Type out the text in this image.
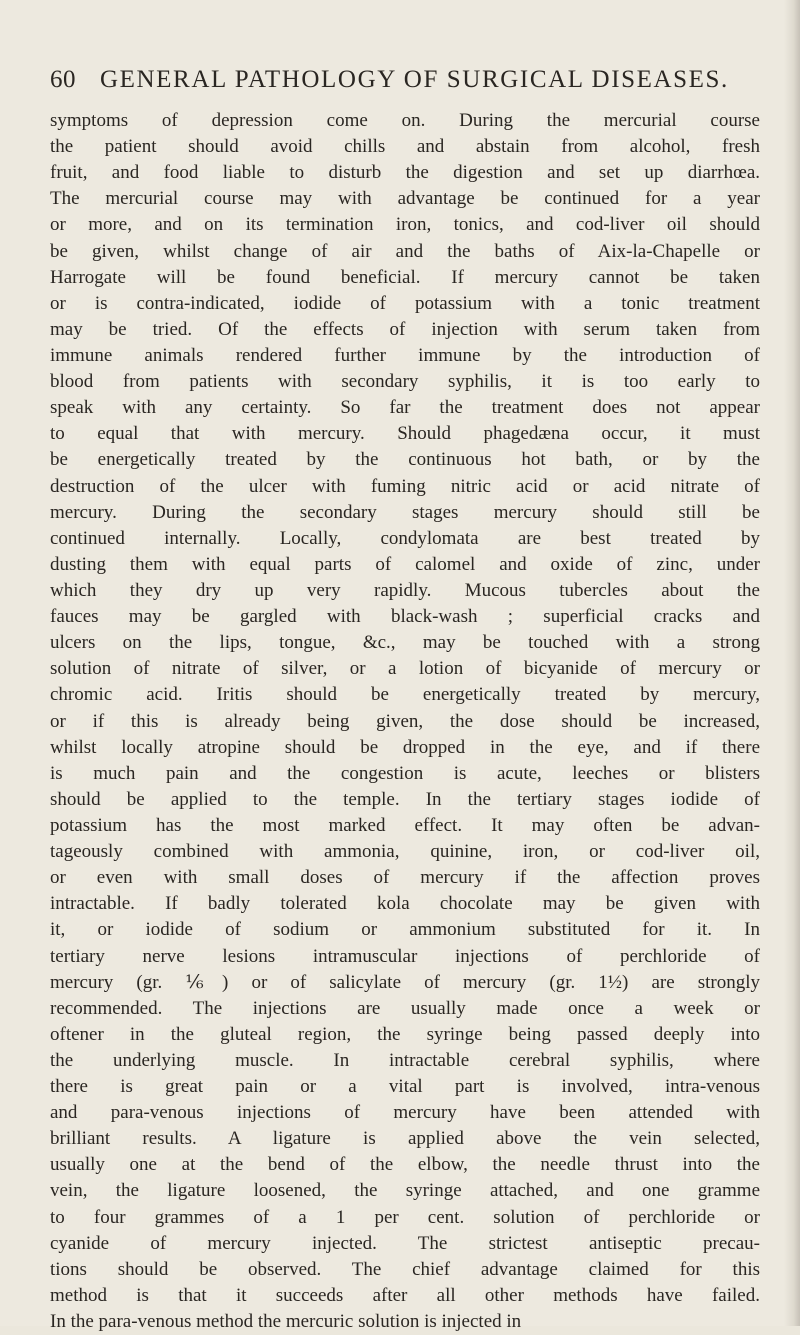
60 GENERAL PATHOLOGY OF SURGICAL DISEASES.
symptoms of depression come on. During the mercurial course
the patient should avoid chills and abstain from alcohol, fresh
fruit, and food liable to disturb the digestion and set up diarrhœa.
The mercurial course may with advantage be continued for a year
or more, and on its termination iron, tonics, and cod-liver oil should
be given, whilst change of air and the baths of Aix-la-Chapelle or
Harrogate will be found beneficial. If mercury cannot be taken
or is contra-indicated, iodide of potassium with a tonic treatment
may be tried. Of the effects of injection with serum taken from
immune animals rendered further immune by the introduction of
blood from patients with secondary syphilis, it is too early to
speak with any certainty. So far the treatment does not appear
to equal that with mercury. Should phagedæna occur, it must
be energetically treated by the continuous hot bath, or by the
destruction of the ulcer with fuming nitric acid or acid nitrate of
mercury. During the secondary stages mercury should still be
continued internally. Locally, condylomata are best treated by
dusting them with equal parts of calomel and oxide of zinc, under
which they dry up very rapidly. Mucous tubercles about the
fauces may be gargled with black-wash ; superficial cracks and
ulcers on the lips, tongue, &c., may be touched with a strong
solution of nitrate of silver, or a lotion of bicyanide of mercury or
chromic acid. Iritis should be energetically treated by mercury,
or if this is already being given, the dose should be increased,
whilst locally atropine should be dropped in the eye, and if there
is much pain and the congestion is acute, leeches or blisters
should be applied to the temple. In the tertiary stages iodide of
potassium has the most marked effect. It may often be advan-
tageously combined with ammonia, quinine, iron, or cod-liver oil,
or even with small doses of mercury if the affection proves
intractable. If badly tolerated kola chocolate may be given with
it, or iodide of sodium or ammonium substituted for it. In
tertiary nerve lesions intramuscular injections of perchloride of
mercury (gr. ⅙) or of salicylate of mercury (gr. 1½) are strongly
recommended. The injections are usually made once a week or
oftener in the gluteal region, the syringe being passed deeply into
the underlying muscle. In intractable cerebral syphilis, where
there is great pain or a vital part is involved, intra-venous
and para-venous injections of mercury have been attended with
brilliant results. A ligature is applied above the vein selected,
usually one at the bend of the elbow, the needle thrust into the
vein, the ligature loosened, the syringe attached, and one gramme
to four grammes of a 1 per cent. solution of perchloride or
cyanide of mercury injected. The strictest antiseptic precau-
tions should be observed. The chief advantage claimed for this
method is that it succeeds after all other methods have failed.
In the para-venous method the mercuric solution is injected in
